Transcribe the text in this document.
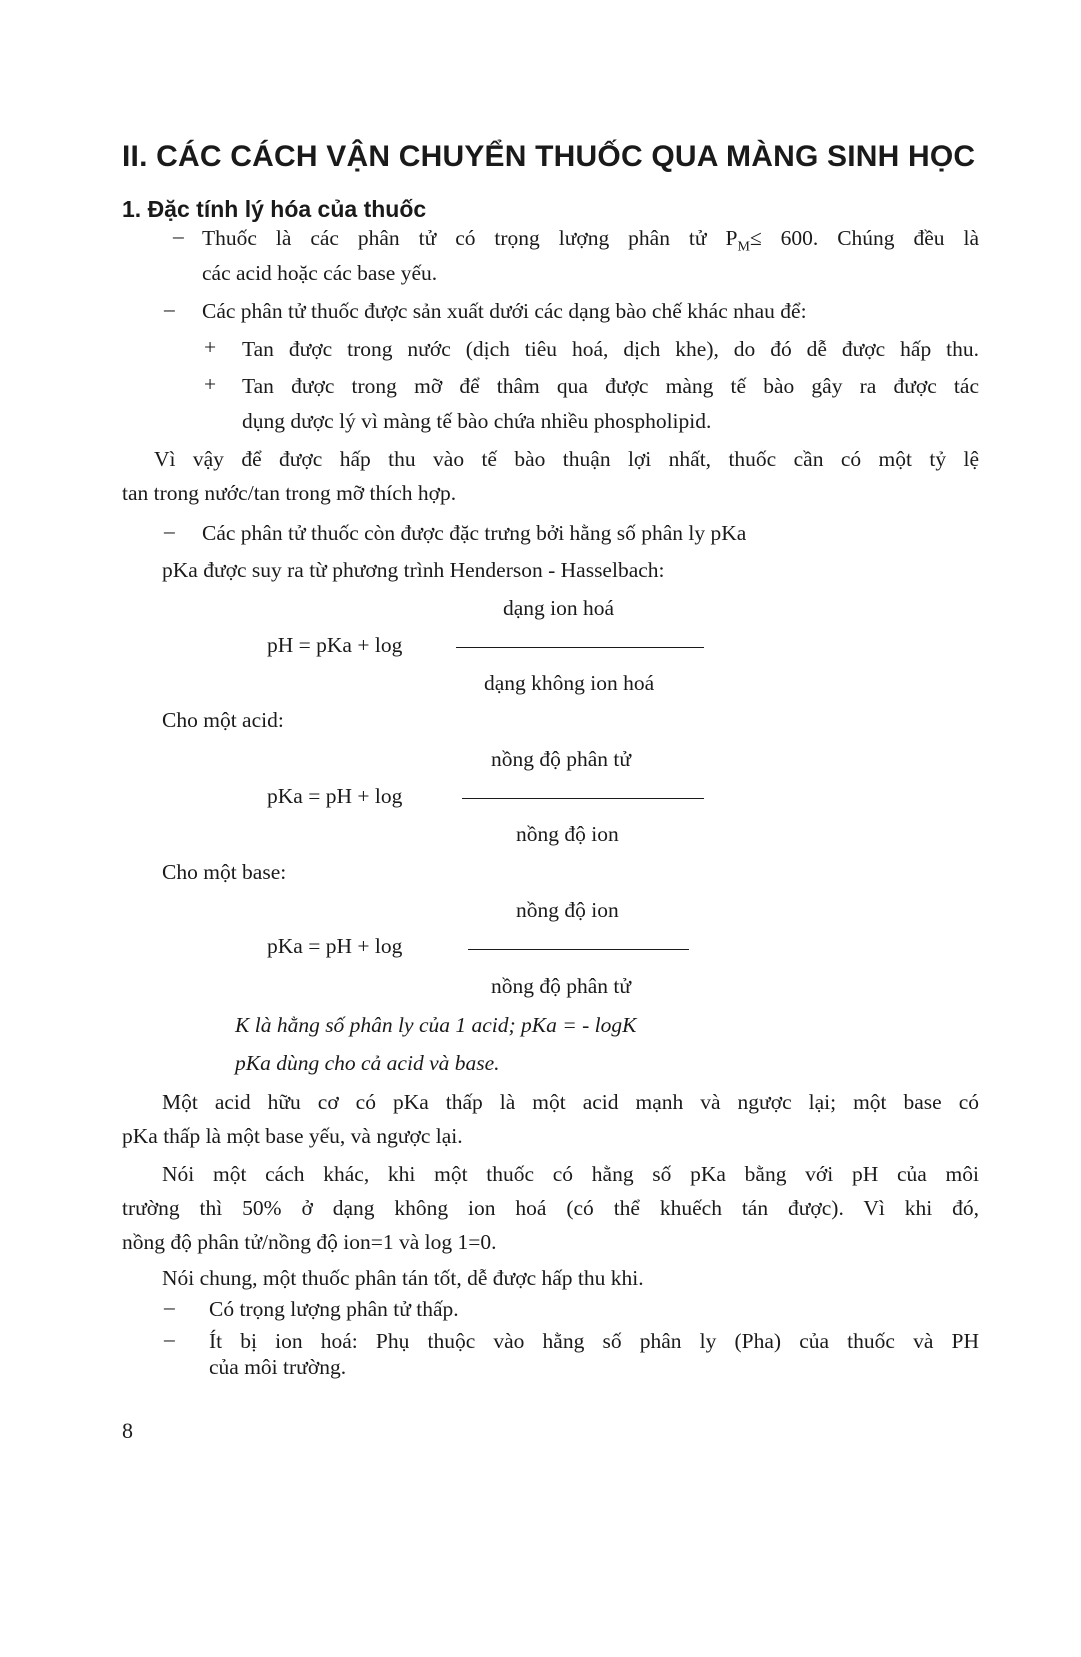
II. CÁC CÁCH VẬN CHUYỂN THUỐC QUA MÀNG SINH HỌC
1. Đặc tính lý hóa của thuốc
– Thuốc là các phân tử có trọng lượng phân tử $P_M\le 600$. Chúng đều là
các acid hoặc các base yếu.
– Các phân tử thuốc được sản xuất dưới các dạng bào chế khác nhau để:
+ Tan được trong nước (dịch tiêu hoá, dịch khe), do đó dễ được hấp thu.
+ Tan được trong mỡ để thâm qua được màng tế bào gây ra được tác
dụng dược lý vì màng tế bào chứa nhiều phospholipid.
Vì vậy để được hấp thu vào tế bào thuận lợi nhất, thuốc cần có một tỷ lệ
tan trong nước/tan trong mỡ thích hợp.
– Các phân tử thuốc còn được đặc trưng bởi hằng số phân ly pKa
pKa được suy ra từ phương trình Henderson - Hasselbach:
dạng ion hoá
pH = pKa + log
dạng không ion hoá
Cho một acid:
nồng độ phân tử
pKa = pH + log
nồng độ ion
Cho một base:
nồng độ ion
pKa = pH + log
nồng độ phân tử
K là hằng số phân ly của 1 acid; pKa = - logK
pKa dùng cho cả acid và base.
Một acid hữu cơ có pKa thấp là một acid mạnh và ngược lại; một base có
pKa thấp là một base yếu, và ngược lại.
Nói một cách khác, khi một thuốc có hằng số pKa bằng với pH của môi
trường thì 50% ở dạng không ion hoá (có thể khuếch tán được). Vì khi đó,
nồng độ phân tử/nồng độ ion=1 và log 1=0.
Nói chung, một thuốc phân tán tốt, dễ được hấp thu khi.
– Có trọng lượng phân tử thấp.
– Ít bị ion hoá: Phụ thuộc vào hằng số phân ly (Pha) của thuốc và PH
của môi trường.
8
